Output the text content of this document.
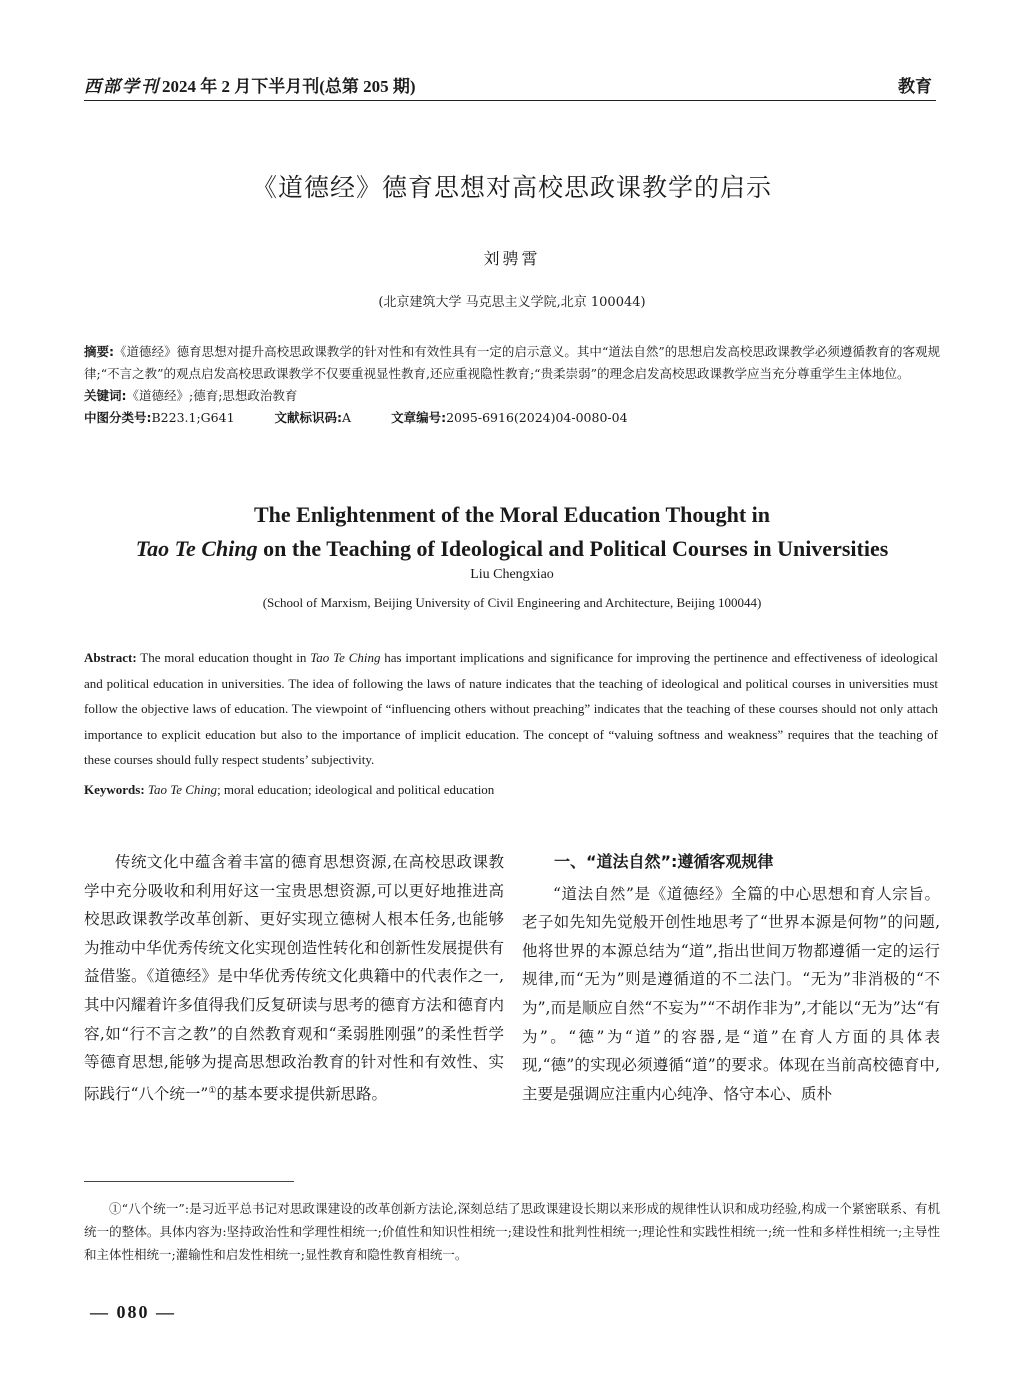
西部学刊 2024 年 2 月下半月刊(总第 205 期)	教育
《道德经》德育思想对高校思政课教学的启示
刘骋霄
(北京建筑大学 马克思主义学院,北京 100044)

摘要:《道德经》德育思想对提升高校思政课教学的针对性和有效性具有一定的启示意义。其中“道法自然”的思想启发高校思政课教学必须遵循教育的客观规律;“不言之教”的观点启发高校思政课教学不仅要重视显性教育,还应重视隐性教育;“贵柔崇弱”的理念启发高校思政课教学应当充分尊重学生主体地位。

关键词:《道德经》;德育;思想政治教育

中图分类号:B223.1;G641	文献标识码:A	文章编号:2095-6916(2024)04-0080-04

The Enlightenment of the Moral Education Thought in
Tao Te Ching on the Teaching of Ideological and Political Courses in Universities
Liu Chengxiao
(School of Marxism, Beijing University of Civil Engineering and Architecture, Beijing 100044)

Abstract: The moral education thought in Tao Te Ching has important implications and significance for improving the pertinence and effectiveness of ideological and political education in universities. The idea of following the laws of nature indicates that the teaching of ideological and political courses in universities must follow the objective laws of education. The viewpoint of “influencing others without preaching” indicates that the teaching of these courses should not only attach importance to explicit education but also to the importance of implicit education. The concept of “valuing softness and weakness” requires that the teaching of these courses should fully respect students’ subjectivity.

Keywords: Tao Te Ching; moral education; ideological and political education

传统文化中蕴含着丰富的德育思想资源,在高校思政课教学中充分吸收和利用好这一宝贵思想资源,可以更好地推进高校思政课教学改革创新、更好实现立德树人根本任务,也能够为推动中华优秀传统文化实现创造性转化和创新性发展提供有益借鉴。《道德经》是中华优秀传统文化典籍中的代表作之一,其中闪耀着许多值得我们反复研读与思考的德育方法和德育内容,如“行不言之教”的自然教育观和“柔弱胜刚强”的柔性哲学等德育思想,能够为提高思想政治教育的针对性和有效性、实际践行“八个统一”①的基本要求提供新思路。

一、“道法自然”:遵循客观规律

“道法自然”是《道德经》全篇的中心思想和育人宗旨。老子如先知先觉般开创性地思考了“世界本源是何物”的问题,他将世界的本源总结为“道”,指出世间万物都遵循一定的运行规律,而“无为”则是遵循道的不二法门。“无为”非消极的“不为”,而是顺应自然“不妄为”“不胡作非为”,才能以“无为”达“有为”。“德”为“道”的容器,是“道”在育人方面的具体表现,“德”的实现必须遵循“道”的要求。体现在当前高校德育中,主要是强调应注重内心纯净、恪守本心、质朴

①“八个统一”:是习近平总书记对思政课建设的改革创新方法论,深刻总结了思政课建设长期以来形成的规律性认识和成功经验,构成一个紧密联系、有机统一的整体。具体内容为:坚持政治性和学理性相统一;价值性和知识性相统一;建设性和批判性相统一;理论性和实践性相统一;统一性和多样性相统一;主导性和主体性相统一;灌输性和启发性相统一;显性教育和隐性教育相统一。

— 080 —
